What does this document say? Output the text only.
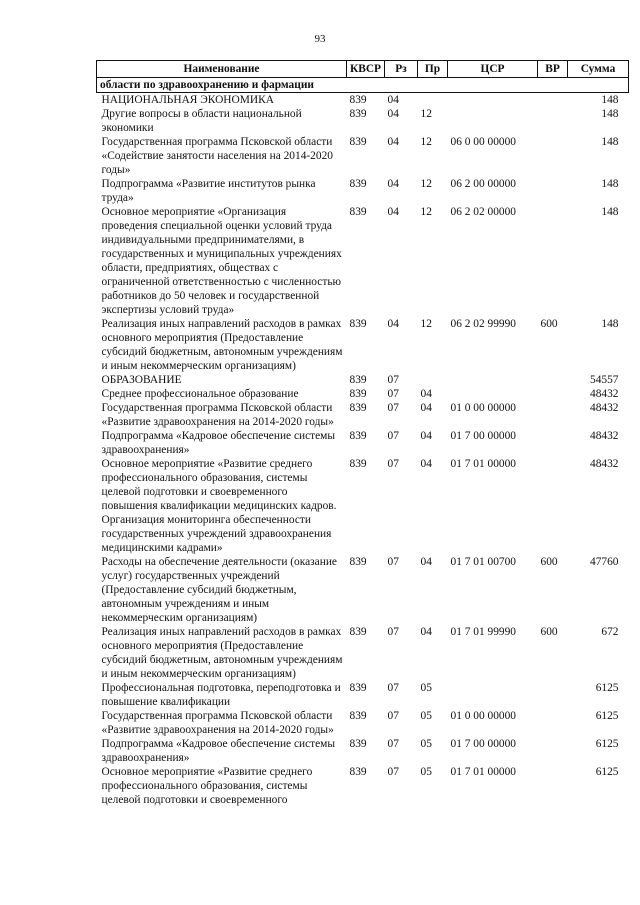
93
Наименование	КВСР	Рз	Пр	ЦСР	ВР	Сумма
области по здравоохранению и фармации						
НАЦИОНАЛЬНАЯ ЭКОНОМИКА	839	04				148
Другие вопросы в области национальной экономики	839	04	12			148
Государственная программа Псковской области «Содействие занятости населения на 2014-2020 годы»	839	04	12	06 0 00 00000		148
Подпрограмма «Развитие институтов рынка труда»	839	04	12	06 2 00 00000		148
Основное мероприятие «Организация проведения специальной оценки условий труда индивидуальными предпринимателями, в государственных и муниципальных учреждениях области, предприятиях, обществах с ограниченной ответственностью с численностью работников до 50 человек и государственной экспертизы условий труда»	839	04	12	06 2 02 00000		148
Реализация иных направлений расходов в рамках основного мероприятия (Предоставление субсидий бюджетным, автономным учреждениям и иным некоммерческим организациям)	839	04	12	06 2 02 99990	600	148
ОБРАЗОВАНИЕ	839	07				54557
Среднее профессиональное образование	839	07	04			48432
Государственная программа Псковской области «Развитие здравоохранения на 2014-2020 годы»	839	07	04	01 0 00 00000		48432
Подпрограмма «Кадровое обеспечение системы здравоохранения»	839	07	04	01 7 00 00000		48432
Основное мероприятие «Развитие среднего профессионального образования, системы целевой подготовки и своевременного повышения квалификации медицинских кадров. Организация мониторинга обеспеченности государственных учреждений здравоохранения медицинскими кадрами»	839	07	04	01 7 01 00000		48432
Расходы на обеспечение деятельности (оказание услуг) государственных учреждений (Предоставление субсидий бюджетным, автономным учреждениям и иным некоммерческим организациям)	839	07	04	01 7 01 00700	600	47760
Реализация иных направлений расходов в рамках основного мероприятия (Предоставление субсидий бюджетным, автономным учреждениям и иным некоммерческим организациям)	839	07	04	01 7 01 99990	600	672
Профессиональная подготовка, переподготовка и повышение квалификации	839	07	05			6125
Государственная программа Псковской области «Развитие здравоохранения на 2014-2020 годы»	839	07	05	01 0 00 00000		6125
Подпрограмма «Кадровое обеспечение системы здравоохранения»	839	07	05	01 7 00 00000		6125
Основное мероприятие «Развитие среднего профессионального образования, системы целевой подготовки и своевременного	839	07	05	01 7 01 00000		6125
